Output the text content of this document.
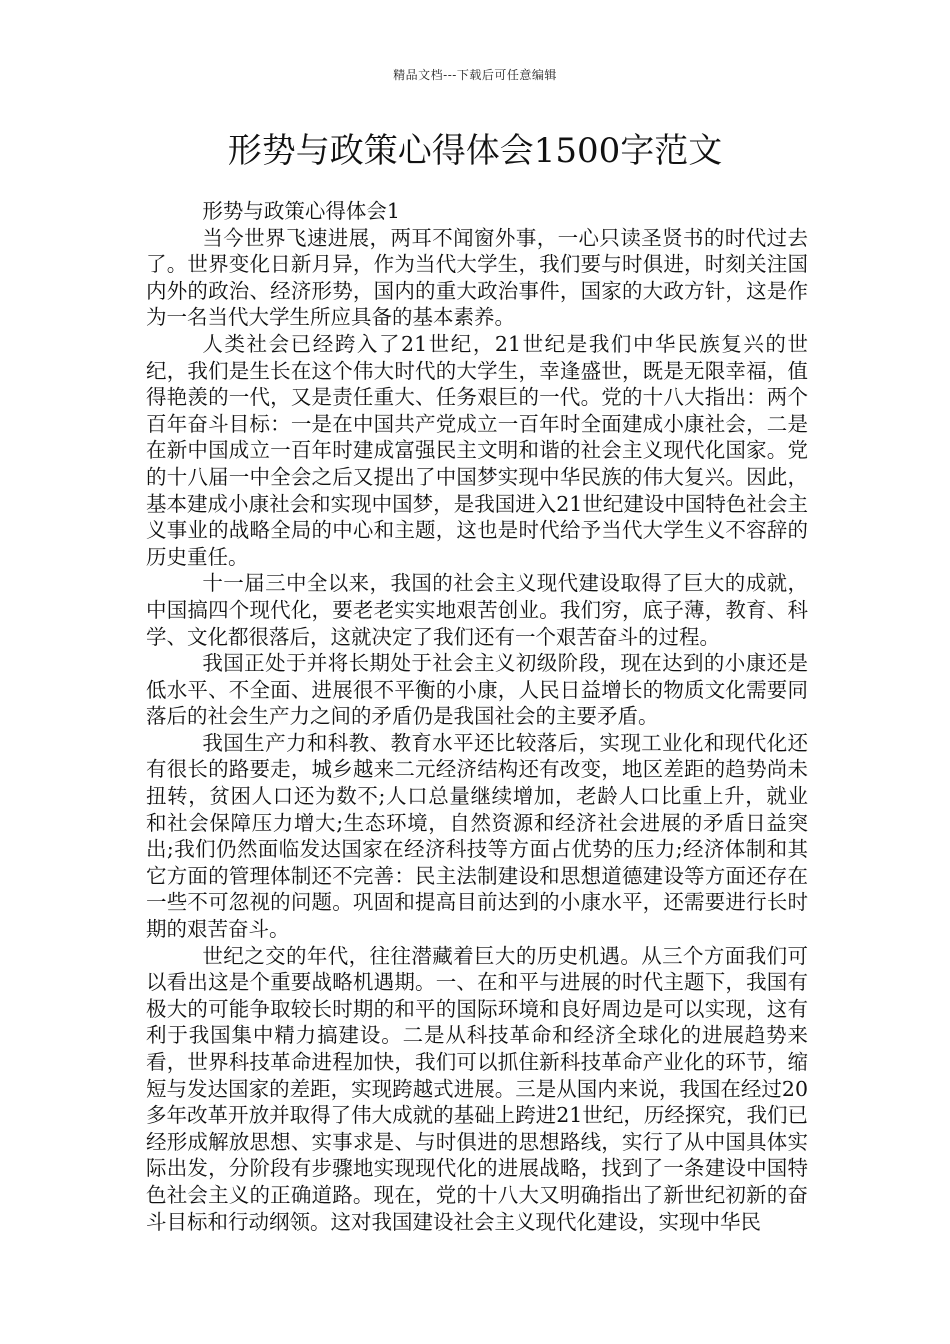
精品文档---下载后可任意编辑
形势与政策心得体会1500字范文

形势与政策心得体会1

当今世界飞速进展，两耳不闻窗外事，一心只读圣贤书的时代过去了。世界变化日新月异，作为当代大学生，我们要与时俱进，时刻关注国内外的政治、经济形势，国内的重大政治事件，国家的大政方针，这是作为一名当代大学生所应具备的基本素养。

人类社会已经跨入了21世纪，21世纪是我们中华民族复兴的世纪，我们是生长在这个伟大时代的大学生，幸逢盛世，既是无限幸福，值得艳羡的一代，又是责任重大、任务艰巨的一代。党的十八大指出：两个百年奋斗目标：一是在中国共产党成立一百年时全面建成小康社会，二是在新中国成立一百年时建成富强民主文明和谐的社会主义现代化国家。党的十八届一中全会之后又提出了中国梦实现中华民族的伟大复兴。因此，基本建成小康社会和实现中国梦，是我国进入21世纪建设中国特色社会主义事业的战略全局的中心和主题，这也是时代给予当代大学生义不容辞的历史重任。

十一届三中全以来，我国的社会主义现代建设取得了巨大的成就，中国搞四个现代化，要老老实实地艰苦创业。我们穷，底子薄，教育、科学、文化都很落后，这就决定了我们还有一个艰苦奋斗的过程。

我国正处于并将长期处于社会主义初级阶段，现在达到的小康还是低水平、不全面、进展很不平衡的小康，人民日益增长的物质文化需要同落后的社会生产力之间的矛盾仍是我国社会的主要矛盾。

我国生产力和科教、教育水平还比较落后，实现工业化和现代化还有很长的路要走，城乡越来二元经济结构还有改变，地区差距的趋势尚未扭转，贫困人口还为数不;人口总量继续增加，老龄人口比重上升，就业和社会保障压力增大;生态环境，自然资源和经济社会进展的矛盾日益突出;我们仍然面临发达国家在经济科技等方面占优势的压力;经济体制和其它方面的管理体制还不完善：民主法制建设和思想道德建设等方面还存在一些不可忽视的问题。巩固和提高目前达到的小康水平，还需要进行长时期的艰苦奋斗。

世纪之交的年代，往往潜藏着巨大的历史机遇。从三个方面我们可以看出这是个重要战略机遇期。一、在和平与进展的时代主题下，我国有极大的可能争取较长时期的和平的国际环境和良好周边是可以实现，这有利于我国集中精力搞建设。二是从科技革命和经济全球化的进展趋势来看，世界科技革命进程加快，我们可以抓住新科技革命产业化的环节，缩短与发达国家的差距，实现跨越式进展。三是从国内来说，我国在经过20多年改革开放并取得了伟大成就的基础上跨进21世纪，历经探究，我们已经形成解放思想、实事求是、与时俱进的思想路线，实行了从中国具体实际出发，分阶段有步骤地实现现代化的进展战略，找到了一条建设中国特色社会主义的正确道路。现在，党的十八大又明确指出了新世纪初新的奋斗目标和行动纲领。这对我国建设社会主义现代化建设，实现中华民
